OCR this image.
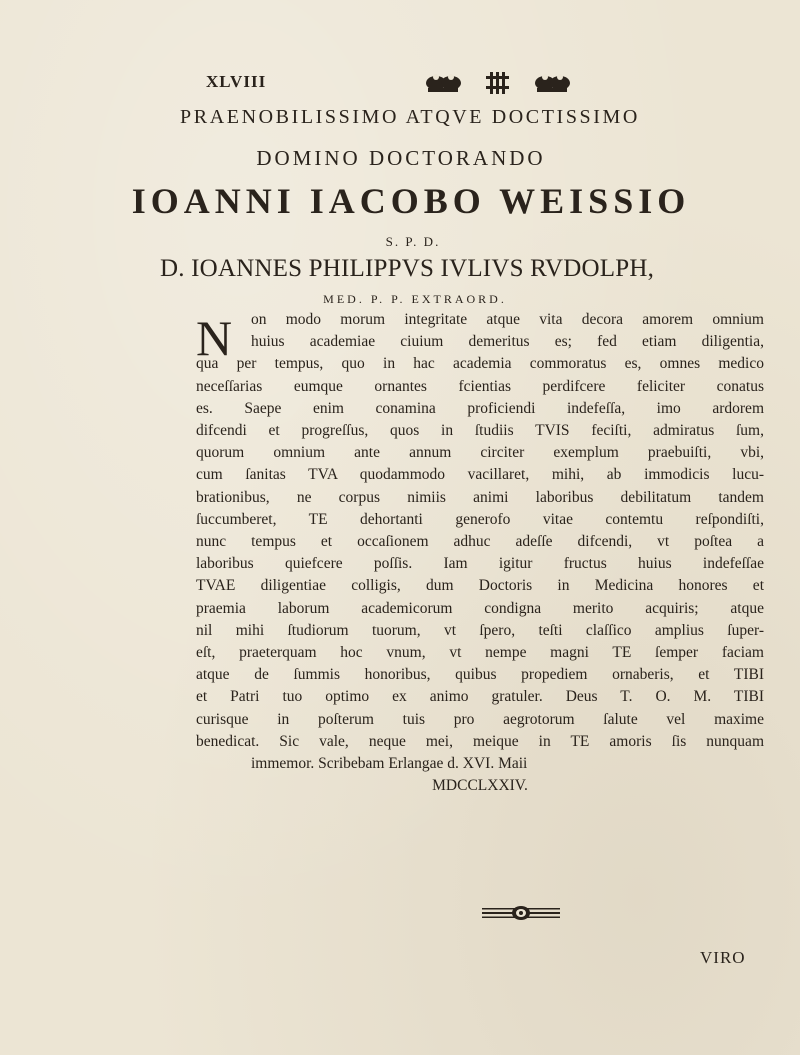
XLVIII
PRAENOBILISSIMO ATQVE DOCTISSIMO
DOMINO DOCTORANDO
IOANNI IACOBO WEISSIO
S. P. D.
D. IOANNES PHILIPPVS IVLIVS RVDOLPH,
MED. P. P. EXTRAORD.
N	on modo morum integritate atque vita decora amorem omnium
huius academiae ciuium demeritus es; fed etiam diligentia,
qua per tempus, quo in hac academia commoratus es, omnes medico
neceſſarias eumque ornantes fcientias perdifcere feliciter conatus
es. Saepe enim conamina proficiendi indefeſſa, imo ardorem
difcendi et progreſſus, quos in ſtudiis TVIS feciſti, admiratus ſum,
quorum omnium ante annum circiter exemplum praebuiſti, vbi,
cum ſanitas TVA quodammodo vacillaret, mihi, ab immodicis lucu-
brationibus, ne corpus nimiis animi laboribus debilitatum tandem
ſuccumberet, TE dehortanti generofo vitae contemtu reſpondiſti,
nunc tempus et occaſionem adhuc adeſſe difcendi, vt poſtea a
laboribus quiefcere poſſis. Iam igitur fructus huius indefeſſae
TVAE diligentiae colligis, dum Doctoris in Medicina honores et
praemia laborum academicorum condigna merito acquiris; atque
nil mihi ſtudiorum tuorum, vt ſpero, teſti claſſico amplius ſuper-
eſt, praeterquam hoc vnum, vt nempe magni TE ſemper faciam
atque de ſummis honoribus, quibus propediem ornaberis, et TIBI
et Patri tuo optimo ex animo gratuler. Deus T. O. M. TIBI
curisque in poſterum tuis pro aegrotorum ſalute vel maxime
benedicat. Sic vale, neque mei, meique in TE amoris ſis nunquam
immemor. Scribebam Erlangae d. XVI. Maii
MDCCLXXIV.
VIRO
